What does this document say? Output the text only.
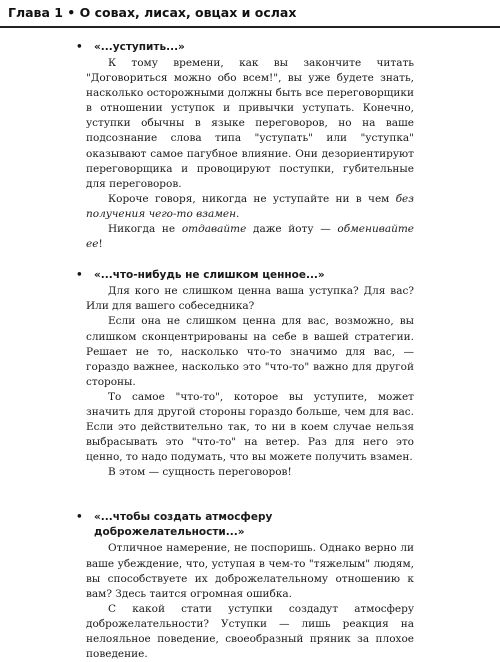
Глава 1 • О совах, лисах, овцах и ослах
• «...уступить...»

К тому времени, как вы закончите читать "Договориться можно обо всем!", вы уже будете знать, насколько осторожными должны быть все переговорщики в отношении уступок и привычки уступать. Конечно, уступки обычны в языке переговоров, но на ваше подсознание слова типа "уступать" или "уступка" оказывают самое пагубное влияние. Они дезориентируют переговорщика и провоцируют поступки, губительные для переговоров.

Короче говоря, никогда не уступайте ни в чем без получения чего-то взамен.

Никогда не отдавайте даже йоту — обменивайте ее!

• «...что-нибудь не слишком ценное...»

Для кого не слишком ценна ваша уступка? Для вас? Или для вашего собеседника?

Если она не слишком ценна для вас, возможно, вы слишком сконцентрированы на себе в вашей стратегии. Решает не то, насколько что-то значимо для вас, — гораздо важнее, насколько это "что-то" важно для другой стороны.

То самое "что-то", которое вы уступите, может значить для другой стороны гораздо больше, чем для вас. Если это действительно так, то ни в коем случае нельзя выбрасывать это "что-то" на ветер. Раз для него это ценно, то надо подумать, что вы можете получить взамен.

В этом — сущность переговоров!

• «...чтобы создать атмосферу доброжелательности...»

Отличное намерение, не поспоришь. Однако верно ли ваше убеждение, что, уступая в чем-то "тяжелым" людям, вы способствуете их доброжелательному отношению к вам? Здесь таится огромная ошибка.

С какой стати уступки создадут атмосферу доброжелательности? Уступки — лишь реакция на нелояльное поведение, своеобразный пряник за плохое поведение.
